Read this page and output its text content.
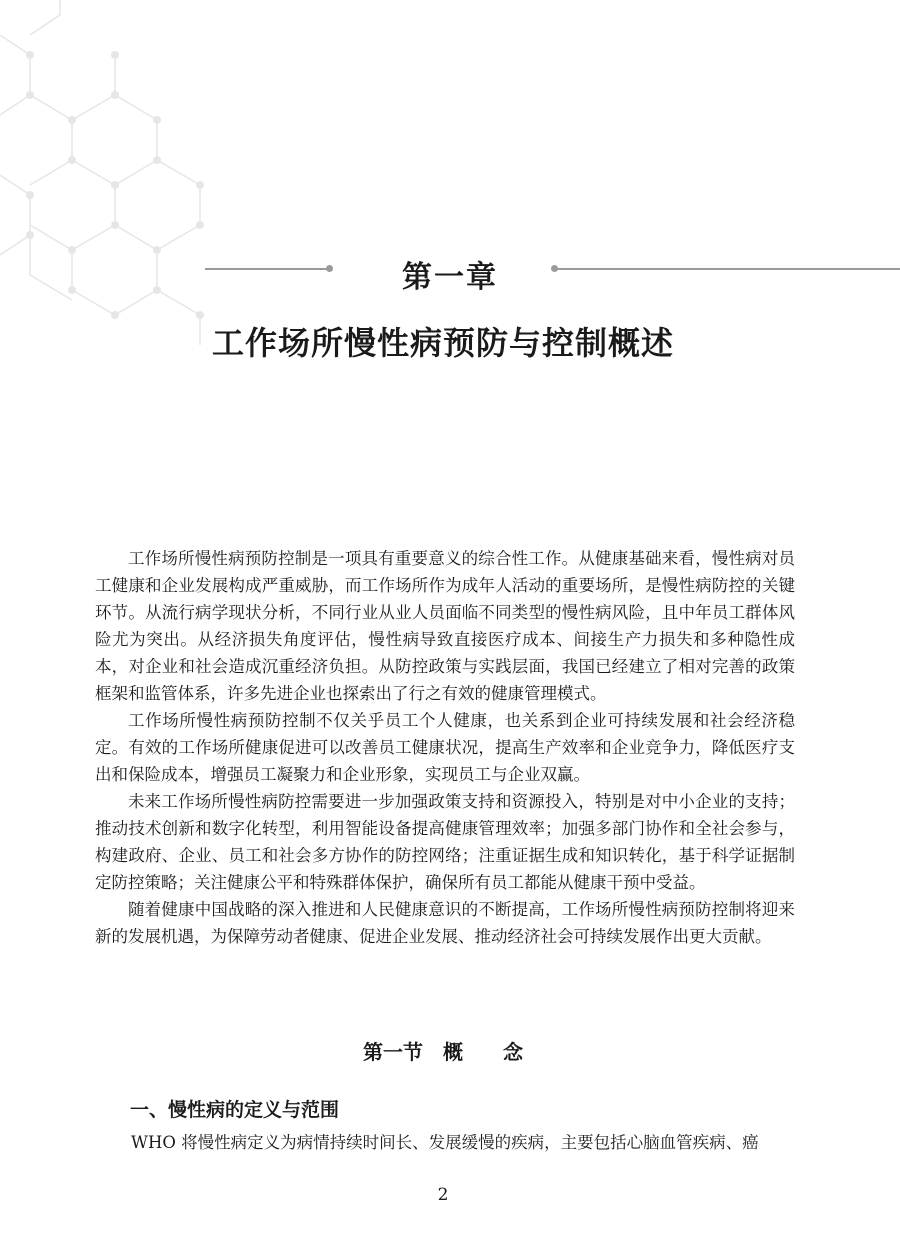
第一章
工作场所慢性病预防与控制概述

工作场所慢性病预防控制是一项具有重要意义的综合性工作。从健康基础来看，慢性病对员工健康和企业发展构成严重威胁，而工作场所作为成年人活动的重要场所，是慢性病防控的关键环节。从流行病学现状分析，不同行业从业人员面临不同类型的慢性病风险，且中年员工群体风险尤为突出。从经济损失角度评估，慢性病导致直接医疗成本、间接生产力损失和多种隐性成本，对企业和社会造成沉重经济负担。从防控政策与实践层面，我国已经建立了相对完善的政策框架和监管体系，许多先进企业也探索出了行之有效的健康管理模式。

工作场所慢性病预防控制不仅关乎员工个人健康，也关系到企业可持续发展和社会经济稳定。有效的工作场所健康促进可以改善员工健康状况，提高生产效率和企业竞争力，降低医疗支出和保险成本，增强员工凝聚力和企业形象，实现员工与企业双赢。

未来工作场所慢性病防控需要进一步加强政策支持和资源投入，特别是对中小企业的支持；推动技术创新和数字化转型，利用智能设备提高健康管理效率；加强多部门协作和全社会参与，构建政府、企业、员工和社会多方协作的防控网络；注重证据生成和知识转化，基于科学证据制定防控策略；关注健康公平和特殊群体保护，确保所有员工都能从健康干预中受益。

随着健康中国战略的深入推进和人民健康意识的不断提高，工作场所慢性病预防控制将迎来新的发展机遇，为保障劳动者健康、促进企业发展、推动经济社会可持续发展作出更大贡献。

第一节　概　　念
一、慢性病的定义与范围
WHO 将慢性病定义为病情持续时间长、发展缓慢的疾病，主要包括心脑血管疾病、癌
2
